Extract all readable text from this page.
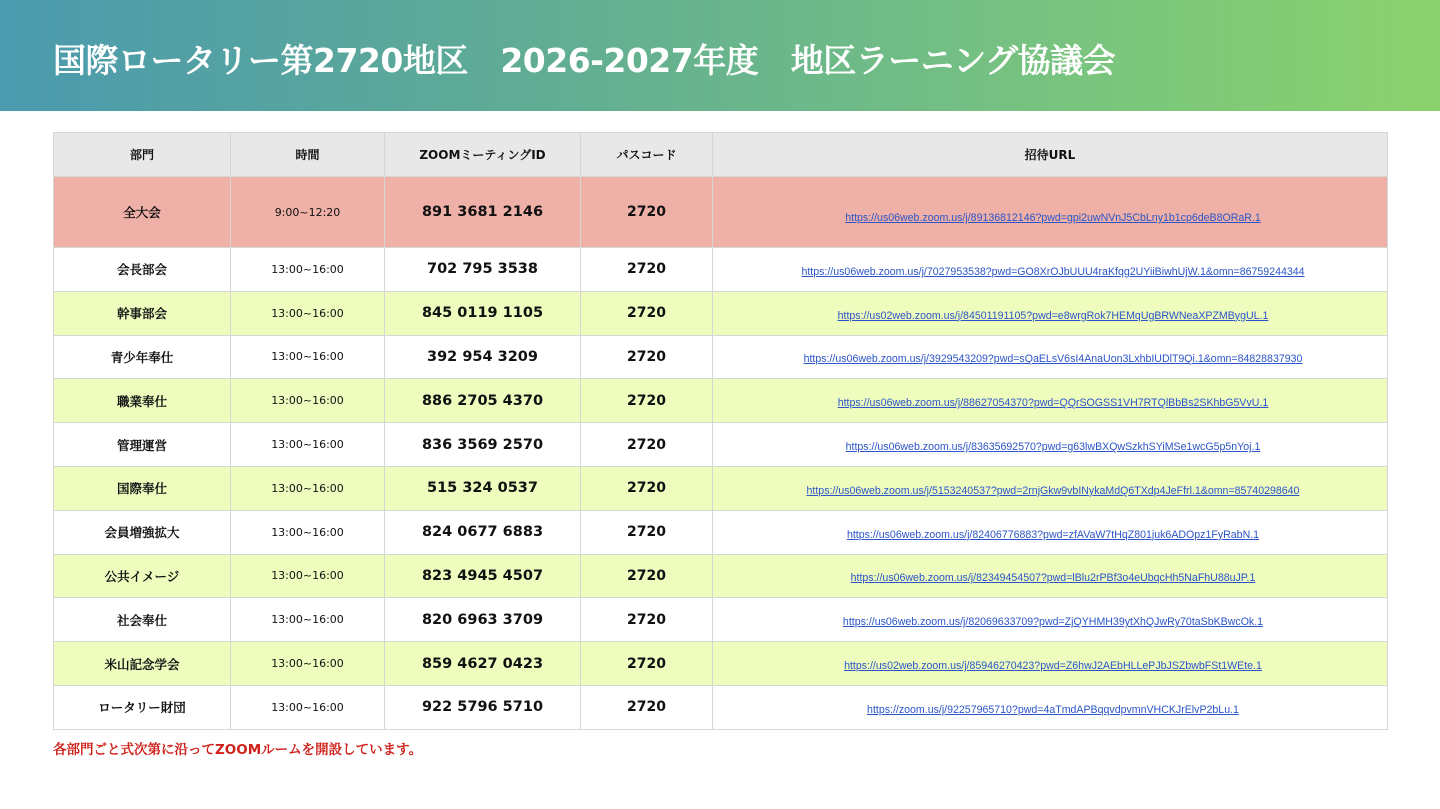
国際ロータリー第2720地区　2026-2027年度　地区ラーニング協議会
部門	時間	ZOOMミーティングID	パスコード	招待URL
全大会	9:00~12:20	891 3681 2146	2720	https://us06web.zoom.us/j/89136812146?pwd=gpi2uwNVnJ5CbLny1b1cp6deB8ORaR.1
会長部会	13:00~16:00	702 795 3538	2720	https://us06web.zoom.us/j/7027953538?pwd=GO8XrOJbUUU4raKfqg2UYiiBiwhUjW.1&omn=86759244344
幹事部会	13:00~16:00	845 0119 1105	2720	https://us02web.zoom.us/j/84501191105?pwd=e8wrgRok7HEMqUgBRWNeaXPZMBygUL.1
青少年奉仕	13:00~16:00	392 954 3209	2720	https://us06web.zoom.us/j/3929543209?pwd=sQaELsV6sI4AnaUon3LxhbIUDlT9Qi.1&omn=84828837930
職業奉仕	13:00~16:00	886 2705 4370	2720	https://us06web.zoom.us/j/88627054370?pwd=QQrSOGSS1VH7RTQlBbBs2SKhbG5VvU.1
管理運営	13:00~16:00	836 3569 2570	2720	https://us06web.zoom.us/j/83635692570?pwd=g63lwBXQwSzkhSYiMSe1wcG5p5nYoj.1
国際奉仕	13:00~16:00	515 324 0537	2720	https://us06web.zoom.us/j/5153240537?pwd=2rnjGkw9vbINykaMdQ6TXdp4JeFfrl.1&omn=85740298640
会員増強拡大	13:00~16:00	824 0677 6883	2720	https://us06web.zoom.us/j/82406776883?pwd=zfAVaW7tHqZ801juk6ADOpz1FyRabN.1
公共イメージ	13:00~16:00	823 4945 4507	2720	https://us06web.zoom.us/j/82349454507?pwd=lBlu2rPBf3o4eUbqcHh5NaFhU88uJP.1
社会奉仕	13:00~16:00	820 6963 3709	2720	https://us06web.zoom.us/j/82069633709?pwd=ZjQYHMH39ytXhQJwRy70taSbKBwcOk.1
米山記念学会	13:00~16:00	859 4627 0423	2720	https://us02web.zoom.us/j/85946270423?pwd=Z6hwJ2AEbHLLePJbJSZbwbFSt1WEte.1
ロータリー財団	13:00~16:00	922 5796 5710	2720	https://zoom.us/j/92257965710?pwd=4aTmdAPBqqvdpvmnVHCKJrElvP2bLu.1
各部門ごと式次第に沿ってZOOMルームを開設しています。
